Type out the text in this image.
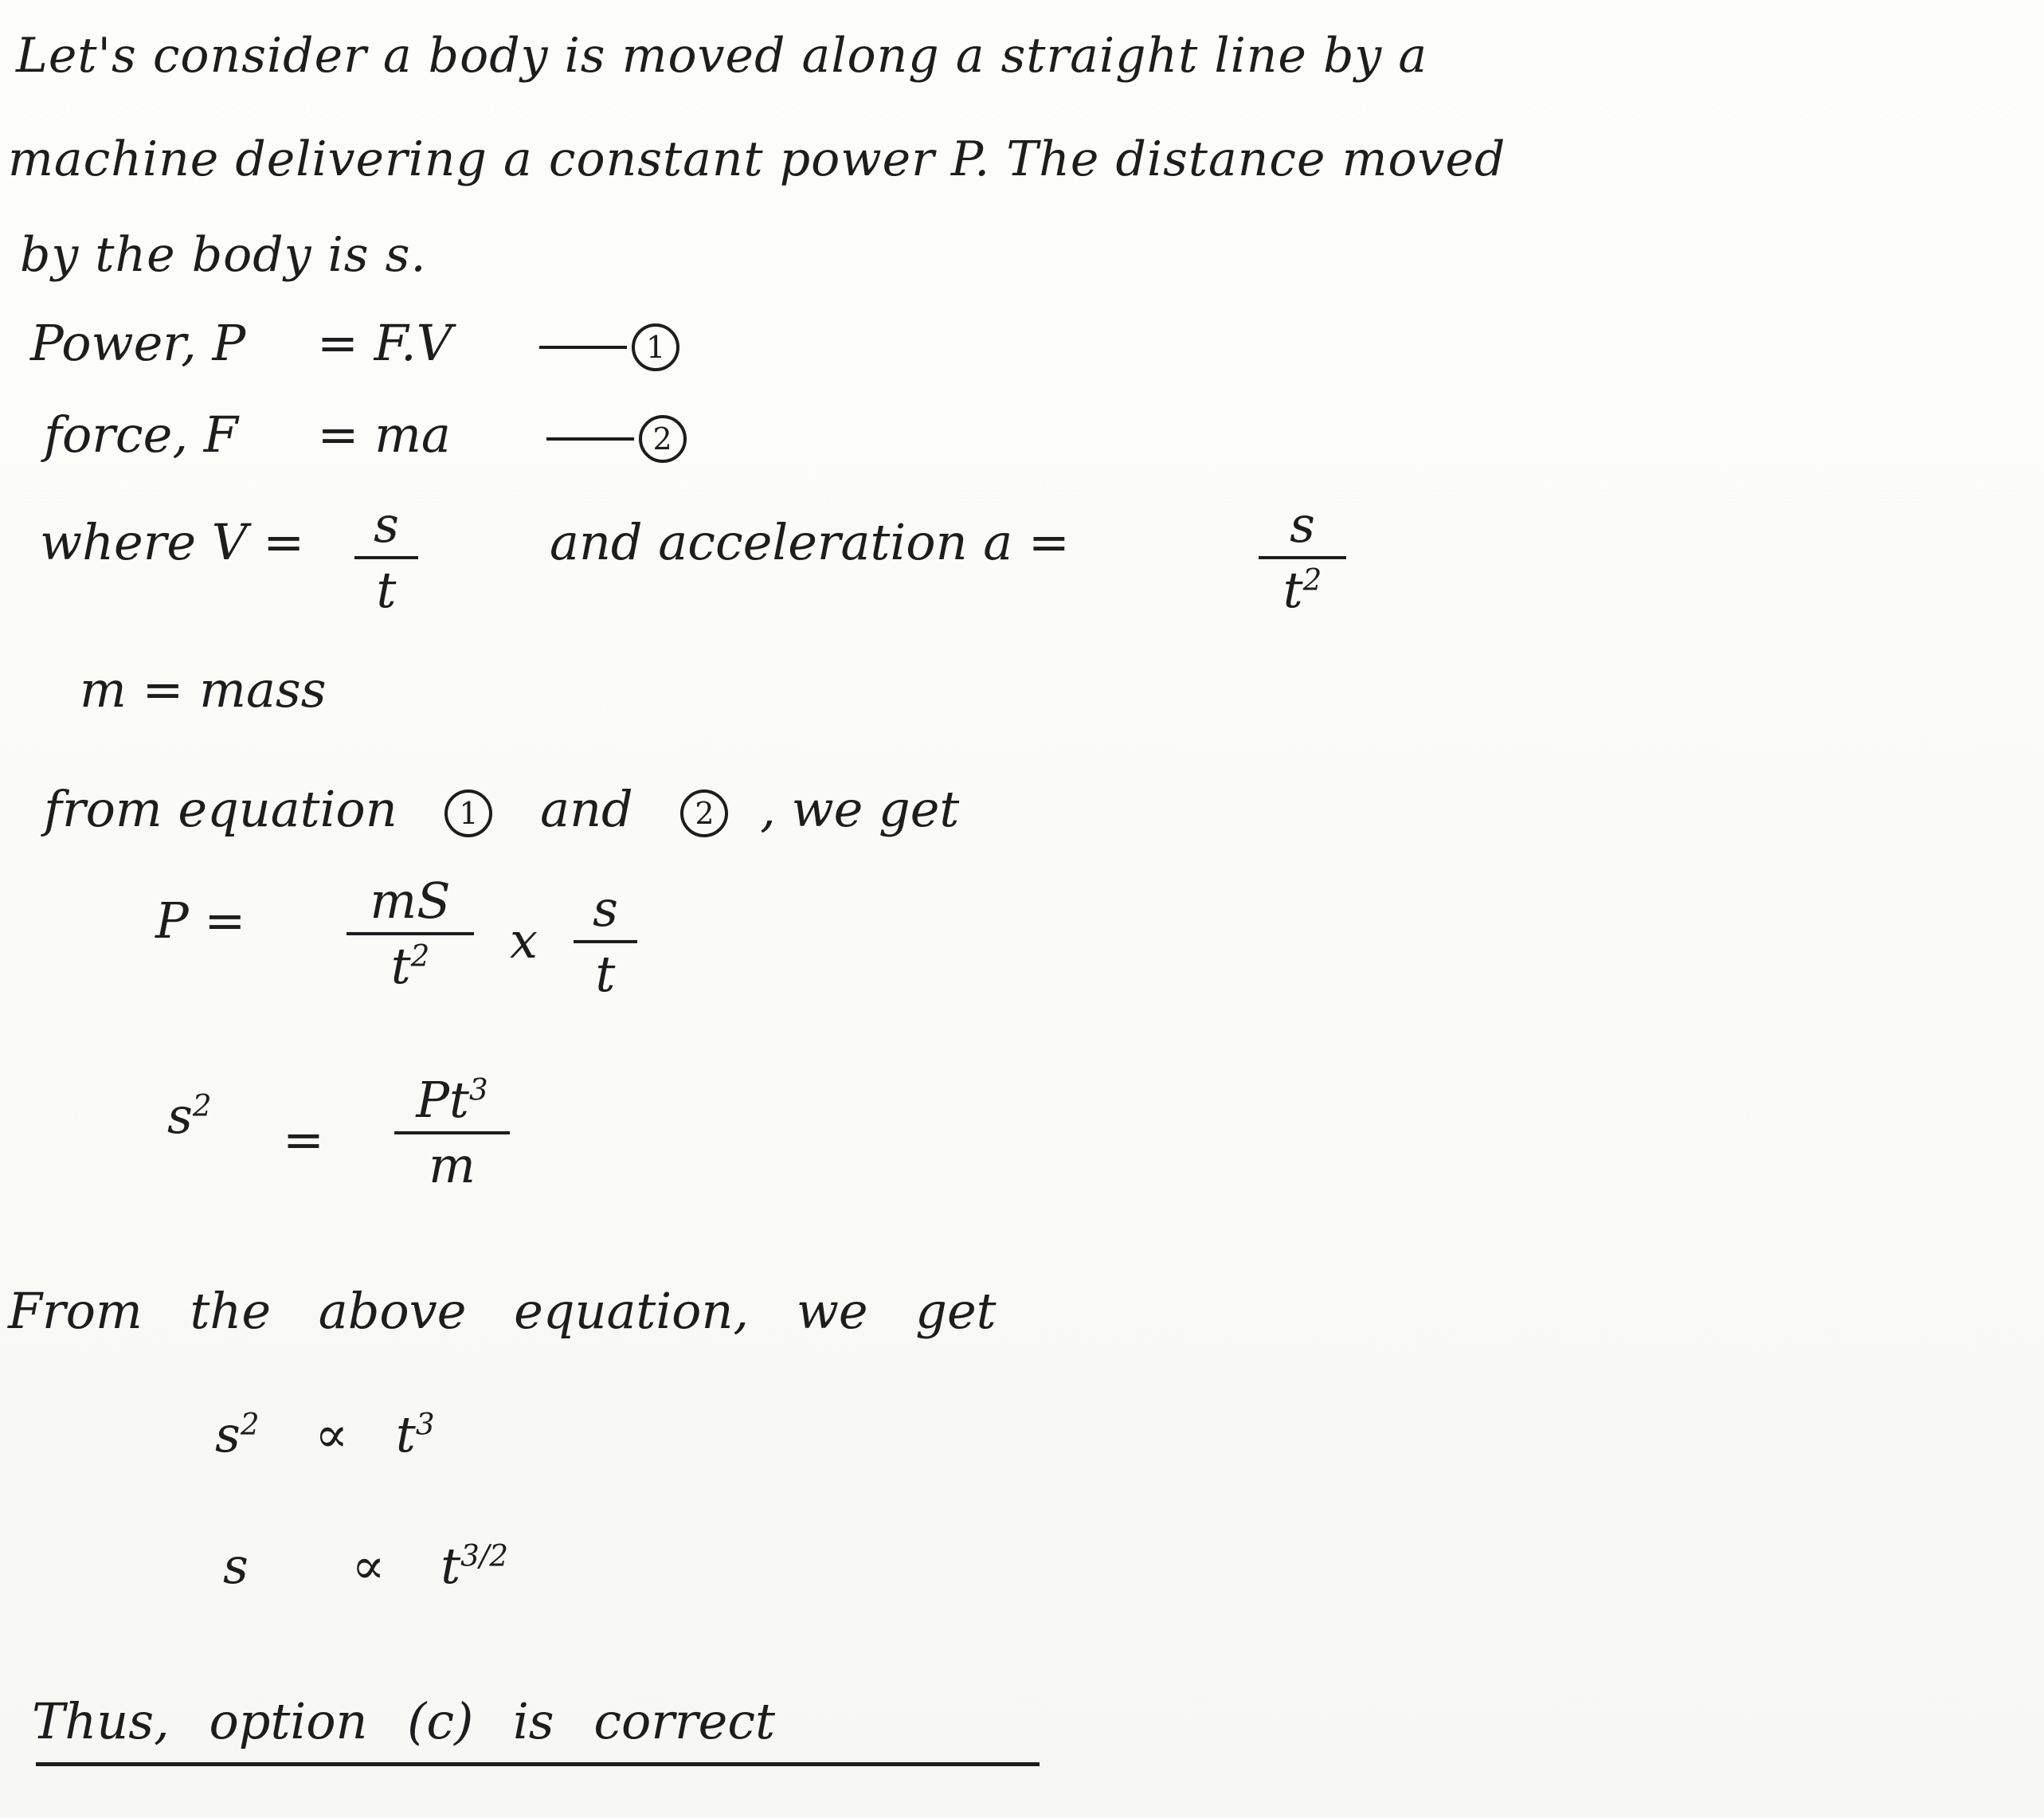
Let's consider a body is moved along a straight line by a
machine delivering a constant power P. The distance moved
by the body is s.
Power, P = F.V	1
force, F = ma	2
where V =	s
t
and acceleration a =	s
$t^2$
m = mass
from equation 1 and 2 , we get
P =	mS
$t^2$	x
s
t
$s^2$
=
$Pt^3$
m
From the above equation, we get
$s^2 \propto t^3$
$s \propto t^{3/2}$
Thus, option (c) is correct
